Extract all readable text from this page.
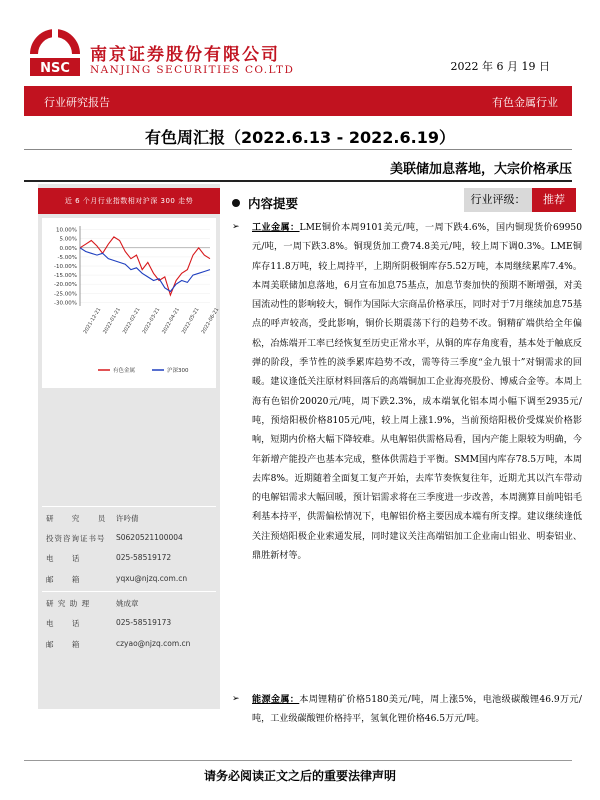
NSC
南京证券股份有限公司
NANJING SECURITIES CO.LTD	2022 年 6 月 19 日
行业研究报告	有色金属行业
有色周汇报（2022.6.13 - 2022.6.19）
美联储加息落地，大宗价格承压
近 6 个月行业指数相对沪深 300 走势
10.00%
5.00%
0.00%
-5.00%
-10.00%
-15.00%
-20.00%
-25.00%
-30.00%
2021-12-21 2022-01-21 2022-02-21 2022-03-21 2022-04-21 2022-05-21 2022-06-21
有色金属	沪深300
研 究 员 许吟倩
投资咨询证书号 S0620521100004
电 话	025-58519172
邮 箱	yqxu@njzq.com.cn
研 究 助 理	姚成章
电 话	025-58519173
邮 箱	czyao@njzq.com.cn
内容提要	行业评级：	推荐
➢	工业金属：LME铜价本周9101美元/吨，一周下跌4.6%，国内铜现货价69950元/吨，一周下跌3.8%。铜现货加工费74.8美元/吨，较上周下调0.3%。LME铜库存11.8万吨，较上周持平，上期所阴极铜库存5.52万吨，本周继续累库7.4%。本周美联储加息落地，6月宣布加息75基点，加息节奏加快的预期不断增强，对美国流动性的影响较大，铜作为国际大宗商品价格承压，同时对于7月继续加息75基点的呼声较高，受此影响，铜价长期震荡下行的趋势不改。铜精矿端供给全年偏松，冶炼端开工率已经恢复至历史正常水平，从铜的库存角度看，基本处于触底反弹的阶段，季节性的淡季累库趋势不改，需等待三季度“金九银十”对铜需求的回暖。建议逢低关注原材料回落后的高端铜加工企业海亮股份、博威合金等。本周上海有色铝价20020元/吨，周下跌2.3%，成本端氧化铝本周小幅下调至2935元/吨，预焙阳极价格8105元/吨，较上周上涨1.9%，当前预焙阳极价受煤炭价格影响，短期内价格大幅下降较难。从电解铝供需格局看，国内产能上限较为明确，今年新增产能投产也基本完成，整体供需趋于平衡。SMM国内库存78.5万吨，本周去库8%。近期随着全面复工复产开始，去库节奏恢复往年，近期尤其以汽车带动的电解铝需求大幅回暖，预计铝需求将在三季度进一步改善，本周测算目前吨铝毛利基本持平，供需偏松情况下，电解铝价格主要因成本端有所支撑。建议继续逢低关注预焙阳极企业索通发展，同时建议关注高端铝加工企业南山铝业、明泰铝业、鼎胜新材等。
➢	能源金属：本周锂精矿价格5180美元/吨，周上涨5%，电池级碳酸锂46.9万元/吨，工业级碳酸锂价格持平，氢氧化锂价格46.5万元/吨。
请务必阅读正文之后的重要法律声明
